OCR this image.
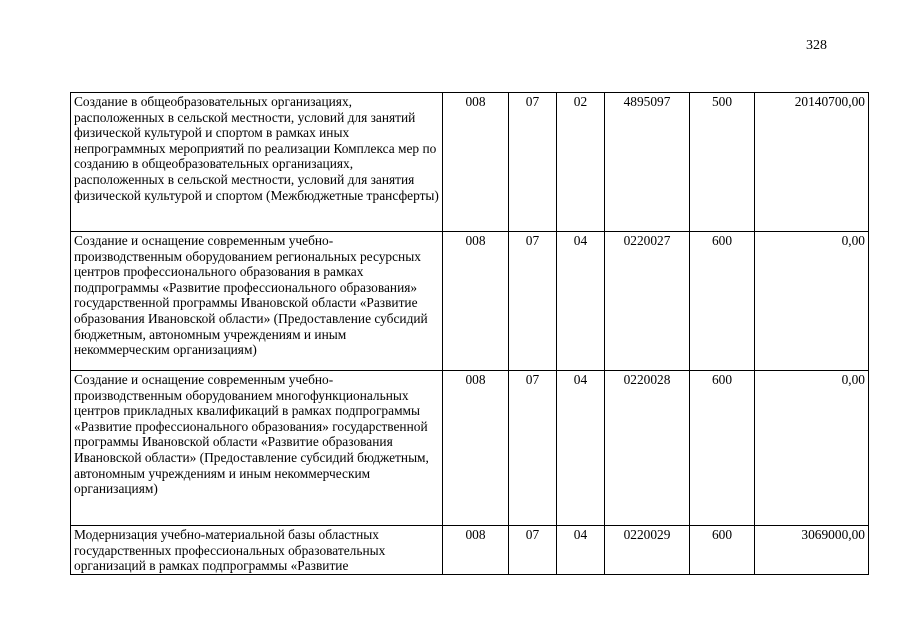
328
Создание в общеобразовательных организациях, расположенных в сельской местности, условий для занятий физической культурой и спортом в рамках иных непрограммных мероприятий по реализации Комплекса мер по созданию в общеобразовательных организациях, расположенных в сельской местности, условий для занятия физической культурой и спортом (Межбюджетные трансферты)	008	07	02	4895097	500	20140700,00
Создание и оснащение современным учебно-производственным оборудованием региональных ресурсных центров профессионального образования в рамках подпрограммы «Развитие профессионального образования» государственной программы Ивановской области «Развитие образования Ивановской области» (Предоставление субсидий бюджетным, автономным учреждениям и иным некоммерческим организациям)	008	07	04	0220027	600	0,00
Создание и оснащение современным учебно-производственным оборудованием многофункциональных центров прикладных квалификаций в рамках подпрограммы «Развитие профессионального образования» государственной программы Ивановской области «Развитие образования Ивановской области» (Предоставление субсидий бюджетным, автономным учреждениям и иным некоммерческим организациям)	008	07	04	0220028	600	0,00
Модернизация учебно-материальной базы областных государственных профессиональных образовательных организаций в рамках подпрограммы «Развитие	008	07	04	0220029	600	3069000,00
